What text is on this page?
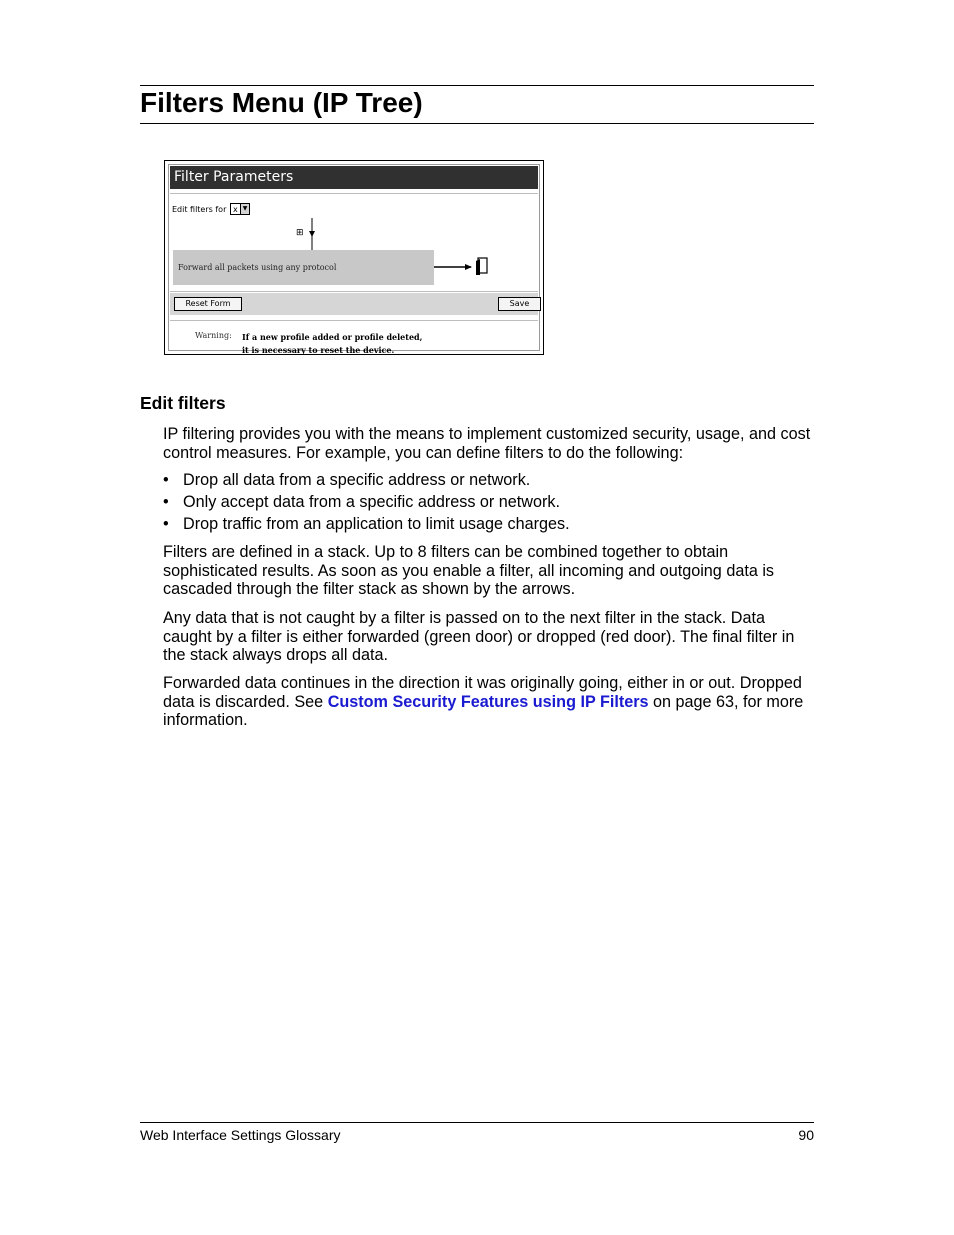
Filters Menu (IP Tree)
Filter Parameters
Edit filters for x ▼
⊞
Forward all packets using any protocol
Reset Form	Save
Warning: If a new profile added or profile deleted,
it is necessary to reset the device.
Edit filters

IP filtering provides you with the means to implement customized security, usage, and cost control measures. For example, you can define filters to do the following:

• Drop all data from a specific address or network.
• Only accept data from a specific address or network.
• Drop traffic from an application to limit usage charges.

Filters are defined in a stack. Up to 8 filters can be combined together to obtain sophisticated results. As soon as you enable a filter, all incoming and outgoing data is cascaded through the filter stack as shown by the arrows.

Any data that is not caught by a filter is passed on to the next filter in the stack. Data caught by a filter is either forwarded (green door) or dropped (red door). The final filter in the stack always drops all data.

Forwarded data continues in the direction it was originally going, either in or out. Dropped data is discarded. See Custom Security Features using IP Filters on page 63, for more information.

Web Interface Settings Glossary	90
